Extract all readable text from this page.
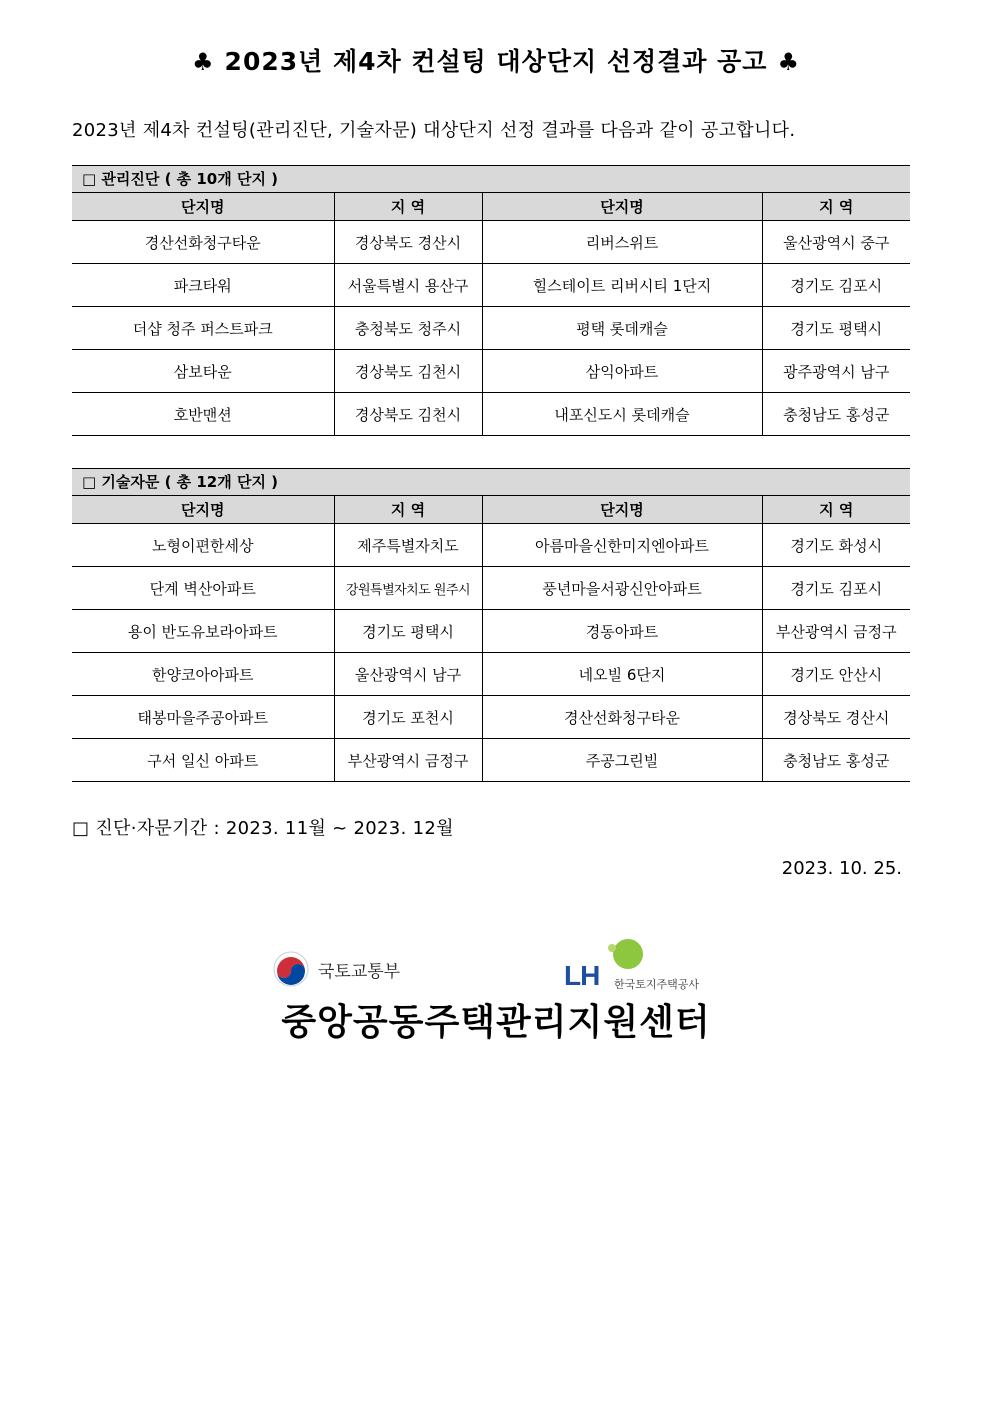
♣ 2023년 제4차 컨설팅 대상단지 선정결과 공고 ♣
2023년 제4차 컨설팅(관리진단, 기술자문) 대상단지 선정 결과를 다음과 같이 공고합니다.
□ 관리진단 ( 총 10개 단지 )
단지명	지 역	단지명	지 역
경산선화청구타운	경상북도 경산시	리버스위트	울산광역시 중구
파크타워	서울특별시 용산구	힐스테이트 리버시티 1단지	경기도 김포시
더샵 청주 퍼스트파크	충청북도 청주시	평택 롯데캐슬	경기도 평택시
삼보타운	경상북도 김천시	삼익아파트	광주광역시 남구
호반맨션	경상북도 김천시	내포신도시 롯데캐슬	충청남도 홍성군
□ 기술자문 ( 총 12개 단지 )
단지명	지 역	단지명	지 역
노형이편한세상	제주특별자치도	아름마을신한미지엔아파트	경기도 화성시
단계 벽산아파트	강원특별자치도 원주시	풍년마을서광신안아파트	경기도 김포시
용이 반도유보라아파트	경기도 평택시	경동아파트	부산광역시 금정구
한양코아아파트	울산광역시 남구	네오빌 6단지	경기도 안산시
태봉마을주공아파트	경기도 포천시	경산선화청구타운	경상북도 경산시
구서 일신 아파트	부산광역시 금정구	주공그린빌	충청남도 홍성군
□ 진단·자문기간 : 2023. 11월 ~ 2023. 12월
2023. 10. 25.
국토교통부	LH 한국토지주택공사
중앙공동주택관리지원센터
